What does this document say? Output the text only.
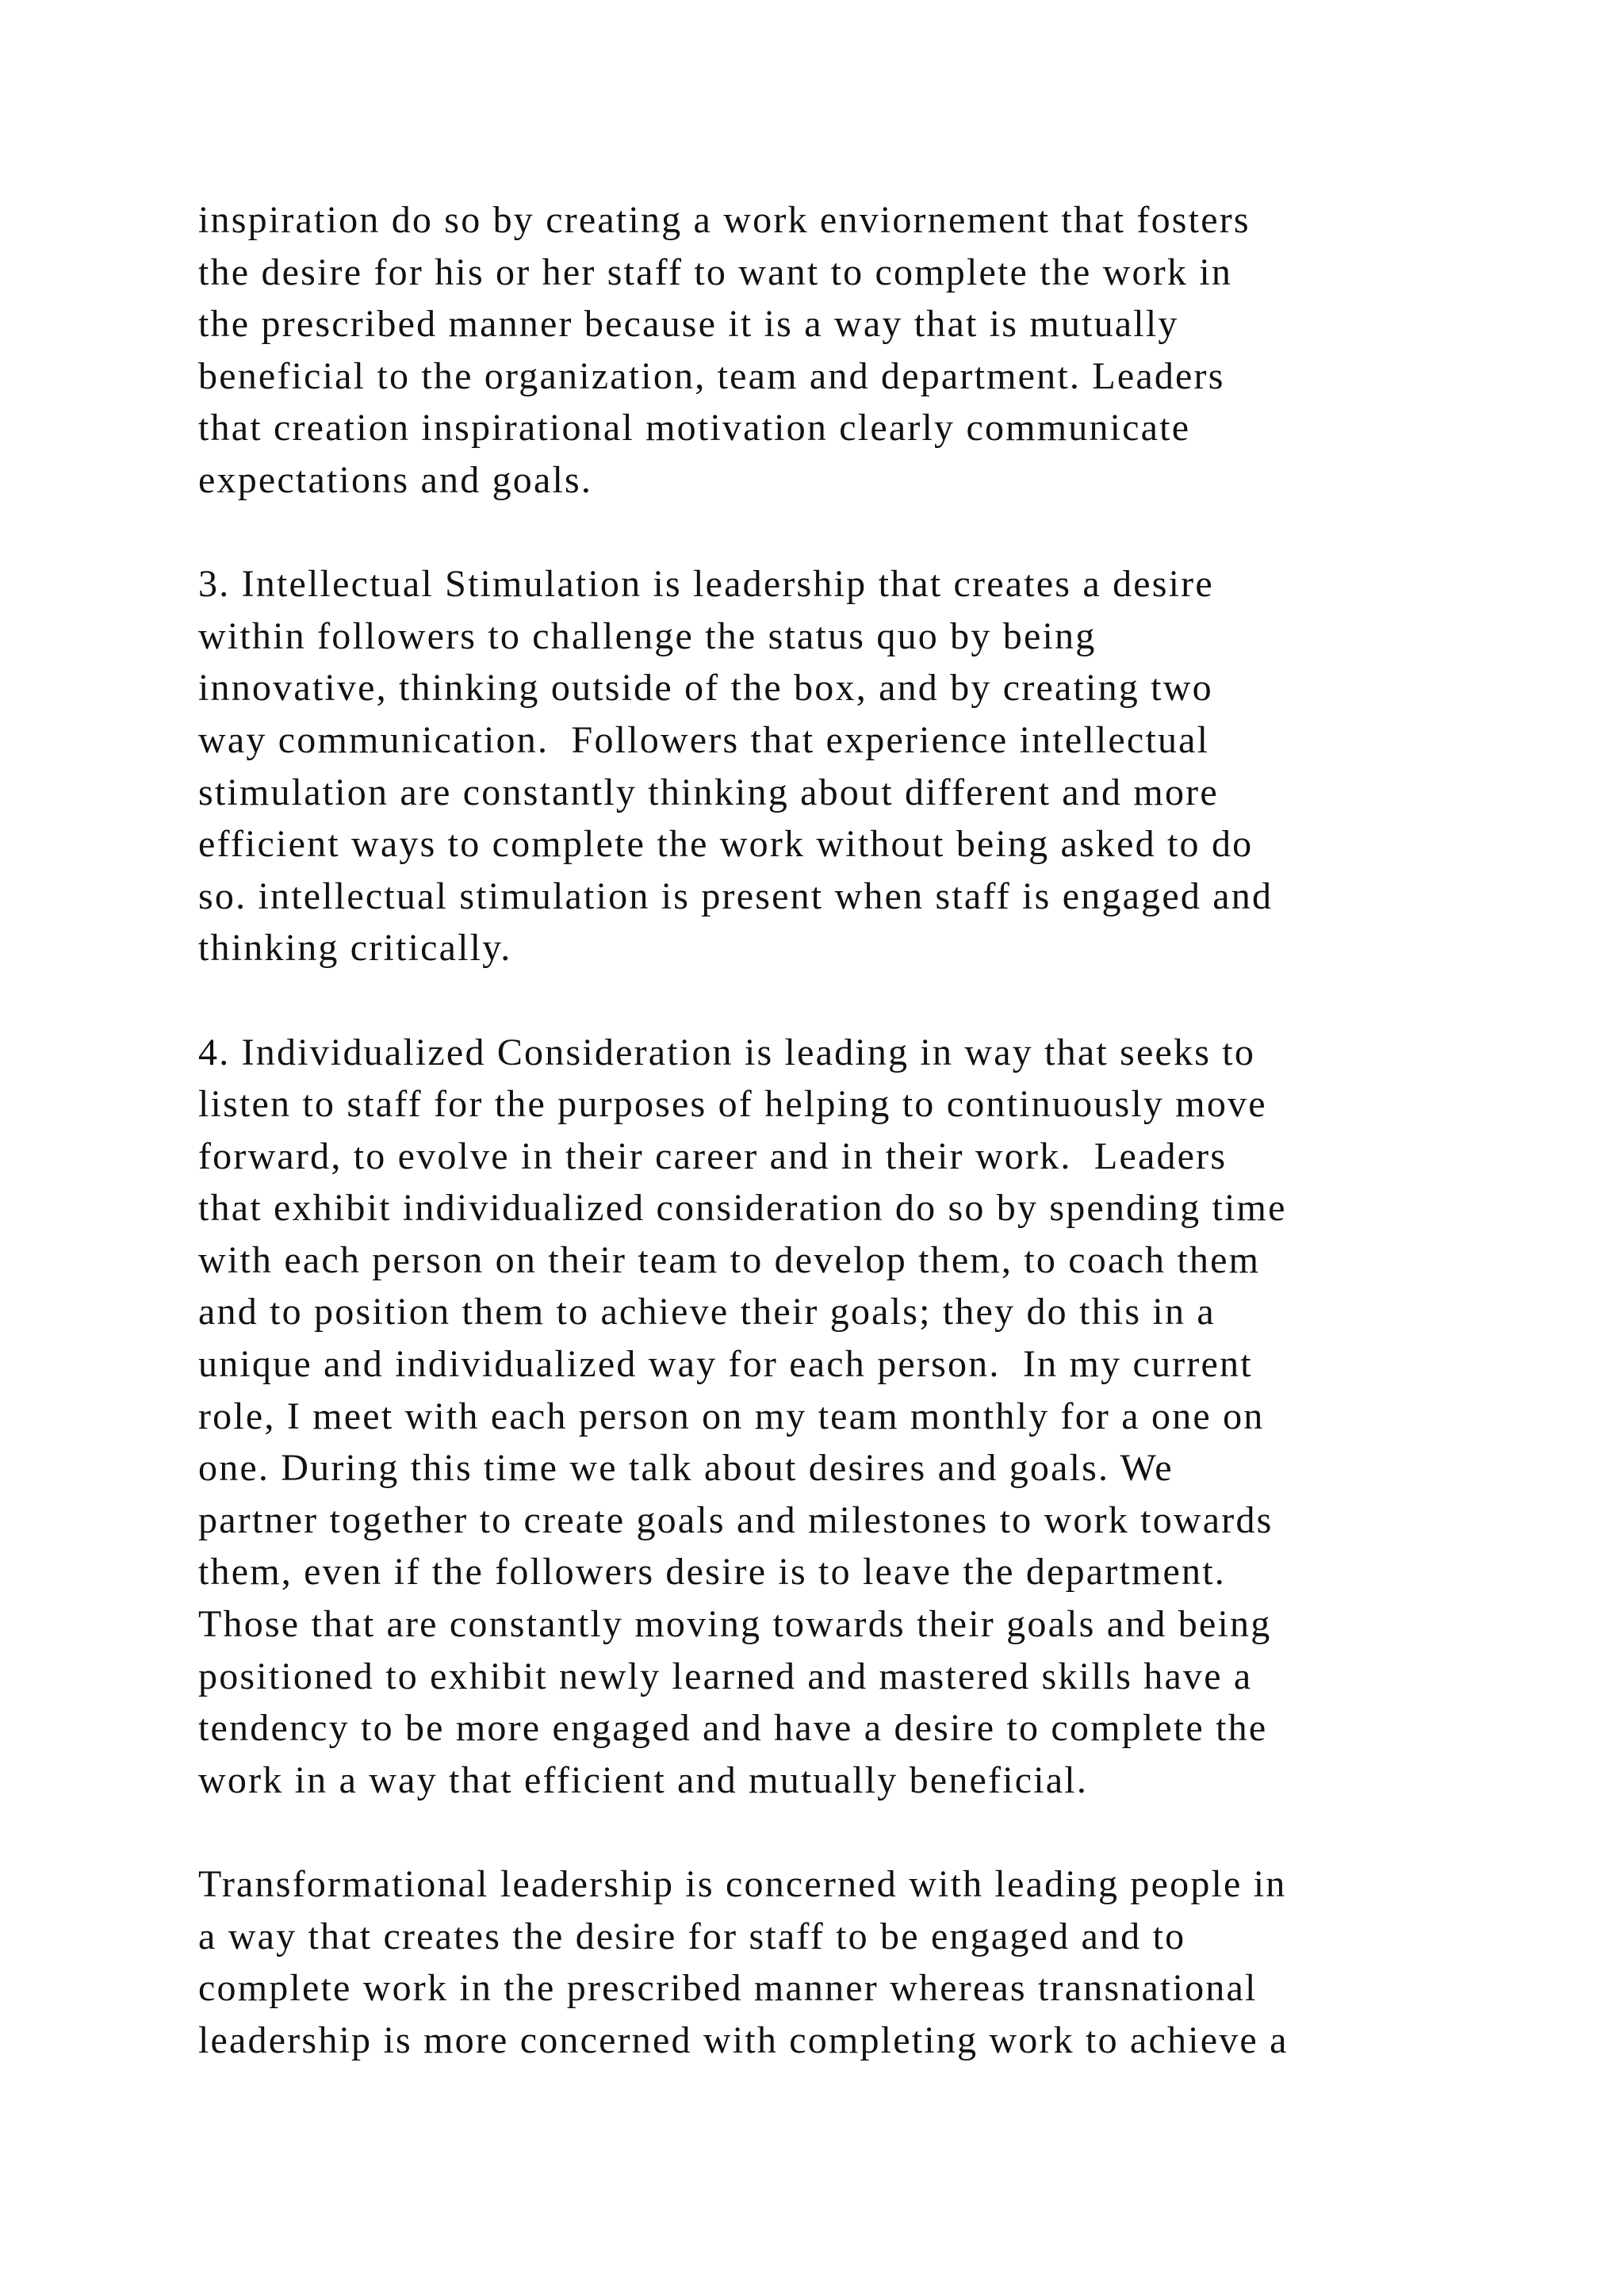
inspiration do so by creating a work enviornement that fosters
the desire for his or her staff to want to complete the work in
the prescribed manner because it is a way that is mutually
beneficial to the organization, team and department. Leaders
that creation inspirational motivation clearly communicate
expectations and goals.
3. Intellectual Stimulation is leadership that creates a desire
within followers to challenge the status quo by being
innovative, thinking outside of the box, and by creating two
way communication.  Followers that experience intellectual
stimulation are constantly thinking about different and more
efficient ways to complete the work without being asked to do
so. intellectual stimulation is present when staff is engaged and
thinking critically.
4. Individualized Consideration is leading in way that seeks to
listen to staff for the purposes of helping to continuously move
forward, to evolve in their career and in their work.  Leaders
that exhibit individualized consideration do so by spending time
with each person on their team to develop them, to coach them
and to position them to achieve their goals; they do this in a
unique and individualized way for each person.  In my current
role, I meet with each person on my team monthly for a one on
one. During this time we talk about desires and goals. We
partner together to create goals and milestones to work towards
them, even if the followers desire is to leave the department.
Those that are constantly moving towards their goals and being
positioned to exhibit newly learned and mastered skills have a
tendency to be more engaged and have a desire to complete the
work in a way that efficient and mutually beneficial.
Transformational leadership is concerned with leading people in
a way that creates the desire for staff to be engaged and to
complete work in the prescribed manner whereas transnational
leadership is more concerned with completing work to achieve a
